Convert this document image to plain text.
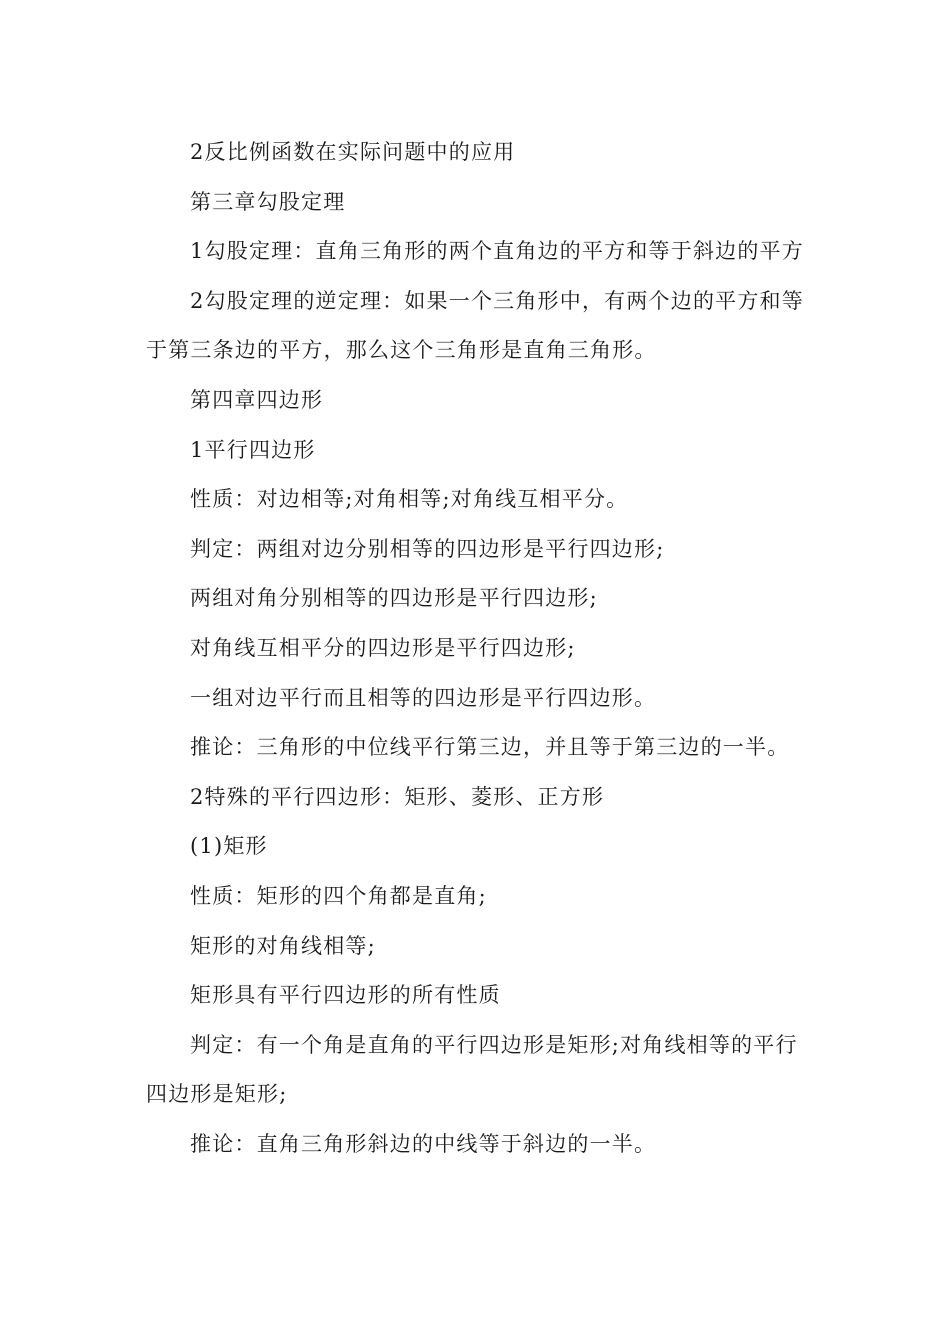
2反比例函数在实际问题中的应用

第三章勾股定理

1勾股定理：直角三角形的两个直角边的平方和等于斜边的平方

2勾股定理的逆定理：如果一个三角形中，有两个边的平方和等于第三条边的平方，那么这个三角形是直角三角形。

第四章四边形

1平行四边形

性质：对边相等;对角相等;对角线互相平分。

判定：两组对边分别相等的四边形是平行四边形;

两组对角分别相等的四边形是平行四边形;

对角线互相平分的四边形是平行四边形;

一组对边平行而且相等的四边形是平行四边形。

推论：三角形的中位线平行第三边，并且等于第三边的一半。

2特殊的平行四边形：矩形、菱形、正方形

(1)矩形

性质：矩形的四个角都是直角;

矩形的对角线相等;

矩形具有平行四边形的所有性质

判定：有一个角是直角的平行四边形是矩形;对角线相等的平行四边形是矩形;

推论：直角三角形斜边的中线等于斜边的一半。
